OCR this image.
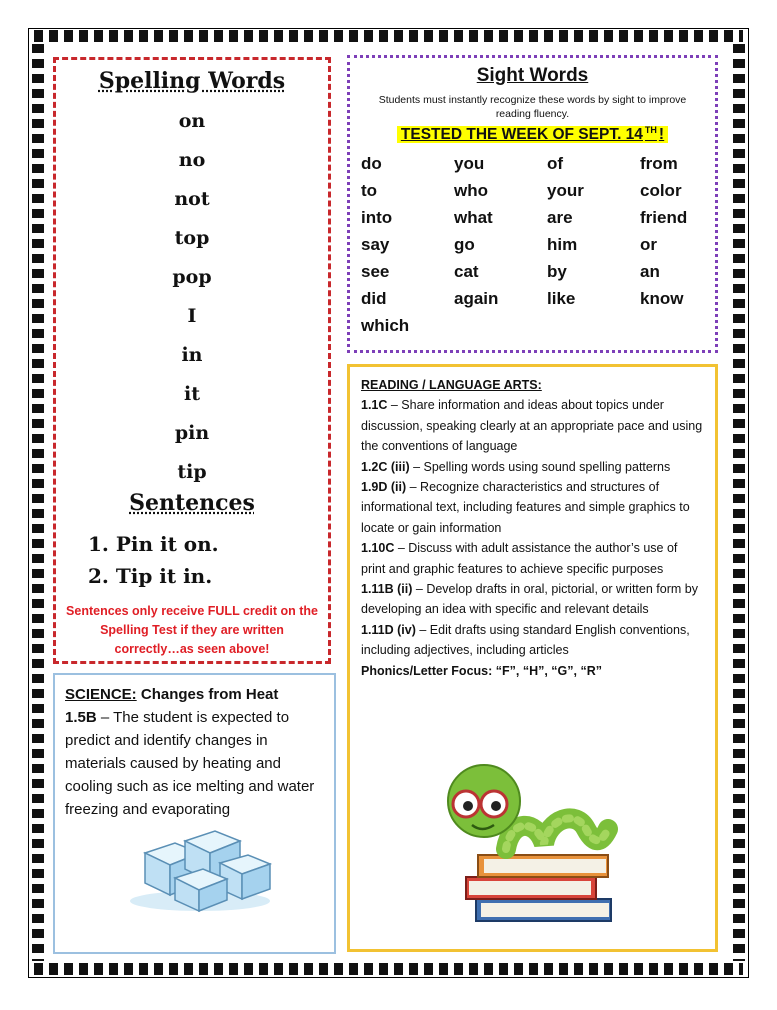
Spelling Words
on
no
not
top
pop
I
in
it
pin
tip
Sentences
1. Pin it on.
2. Tip it in.
Sentences only receive FULL credit on the Spelling Test if they are written correctly…as seen above!
Sight Words
Students must instantly recognize these words by sight to improve reading fluency.
TESTED THE WEEK OF SEPT. 14 $^{TH}$ !
do	you	of	from
to	who	your	color
into	what	are	friend
say	go	him	or
see	cat	by	an
did	again	like	know
which
SCIENCE: Changes from Heat
1.5B – The student is expected to predict and identify changes in materials caused by heating and cooling such as ice melting and water freezing and evaporating
READING / LANGUAGE ARTS:
1.1C – Share information and ideas about topics under discussion, speaking clearly at an appropriate pace and using the conventions of language
1.2C (iii) – Spelling words using sound spelling patterns
1.9D (ii) – Recognize characteristics and structures of informational text, including features and simple graphics to locate or gain information
1.10C – Discuss with adult assistance the author’s use of print and graphic features to achieve specific purposes
1.11B (ii) – Develop drafts in oral, pictorial, or written form by developing an idea with specific and relevant details
1.11D (iv) – Edit drafts using standard English conventions, including adjectives, including articles
Phonics/Letter Focus: “F”, “H”, “G”, “R”
